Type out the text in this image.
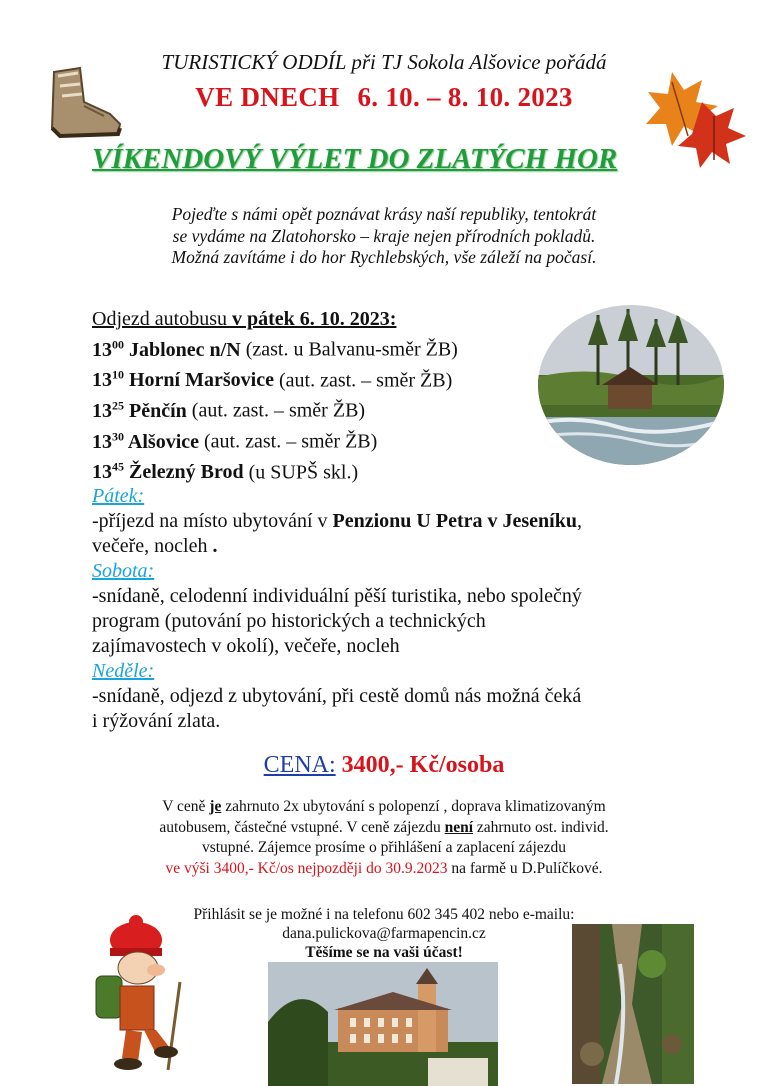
TURISTICKÝ ODDÍL při TJ Sokola Alšovice pořádá
VE DNECH 6. 10. – 8. 10. 2023
VÍKENDOVÝ VÝLET DO ZLATÝCH HOR
Pojeďte s námi opět poznávat krásy naší republiky, tentokrát
se vydáme na Zlatohorsko – kraje nejen přírodních pokladů.
Možná zavítáme i do hor Rychlebských, vše záleží na počasí.
Odjezd autobusu v pátek 6. 10. 2023:
$13^{00}$ Jablonec n/N (zast. u Balvanu-směr ŽB)
$13^{10}$ Horní Maršovice (aut. zast. – směr ŽB)
$13^{25}$ Pěnčín (aut. zast. – směr ŽB)
$13^{30}$ Alšovice (aut. zast. – směr ŽB)
$13^{45}$ Železný Brod (u SUPŠ skl.)
Pátek:
-příjezd na místo ubytování v Penzionu U Petra v Jeseníku,
večeře, nocleh .
Sobota:
-snídaně, celodenní individuální pěší turistika, nebo společný
program (putování po historických a technických
zajímavostech v okolí), večeře, nocleh
Neděle:
-snídaně, odjezd z ubytování, při cestě domů nás možná čeká
i rýžování zlata.
CENA: 3400,- Kč/osoba
V ceně je zahrnuto 2x ubytování s polopenzí , doprava klimatizovaným
autobusem, částečné vstupné. V ceně zájezdu není zahrnuto ost. individ.
vstupné. Zájemce prosíme o přihlášení a zaplacení zájezdu
ve výši 3400,- Kč/os nejpozději do 30.9.2023 na farmě u D.Pulíčkové.
Přihlásit se je možné i na telefonu 602 345 402 nebo e-mailu:
dana.pulickova@farmapencin.cz
Těšíme se na vaši účast!
